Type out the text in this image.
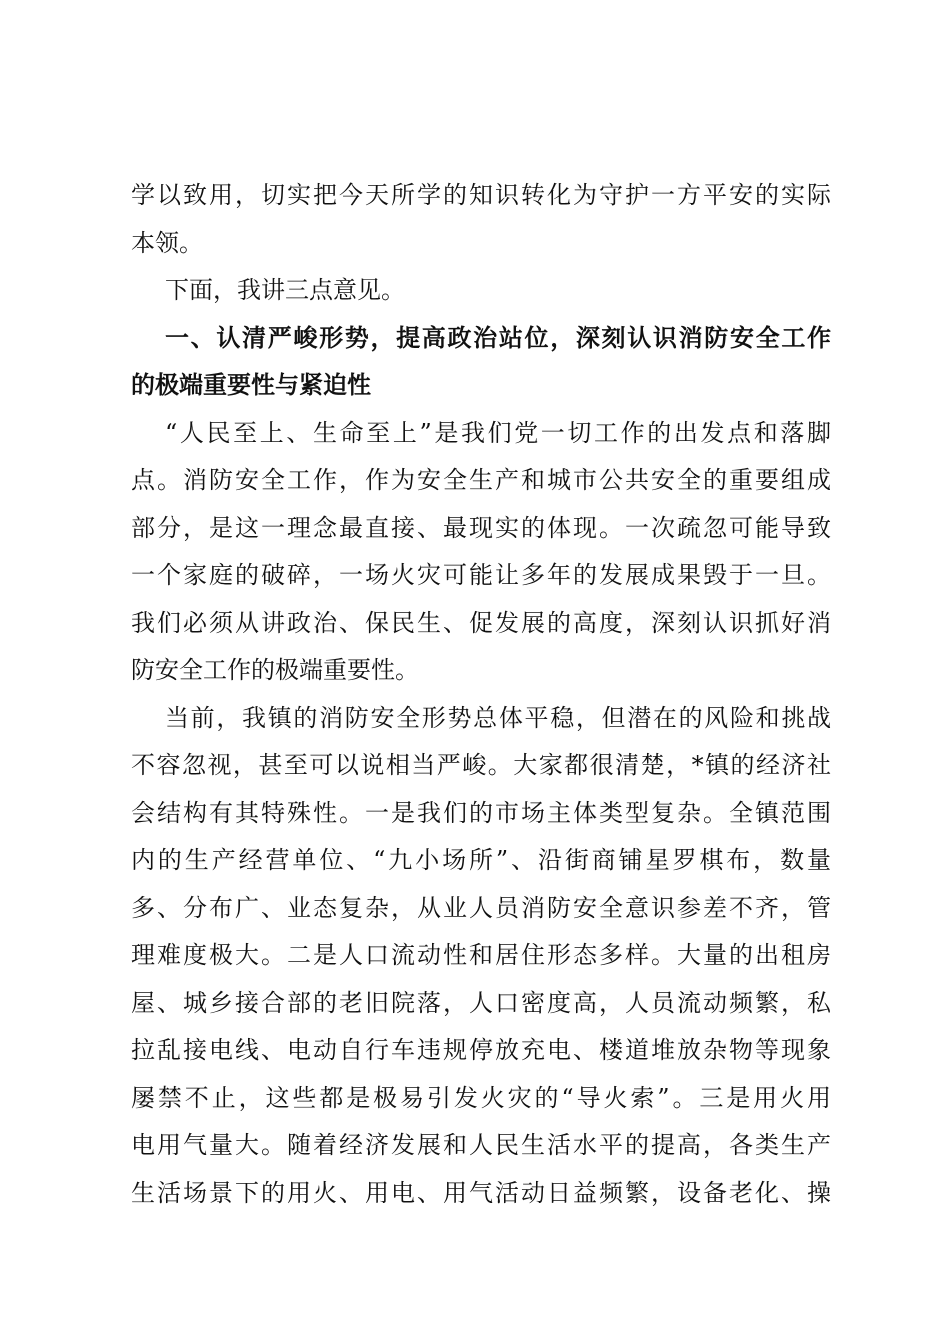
学以致用，切实把今天所学的知识转化为守护一方平安的实际
本领。
下面，我讲三点意见。
一、认清严峻形势，提高政治站位，深刻认识消防安全工作
的极端重要性与紧迫性
“人民至上、生命至上”是我们党一切工作的出发点和落脚
点。消防安全工作，作为安全生产和城市公共安全的重要组成
部分，是这一理念最直接、最现实的体现。一次疏忽可能导致
一个家庭的破碎，一场火灾可能让多年的发展成果毁于一旦。
我们必须从讲政治、保民生、促发展的高度，深刻认识抓好消
防安全工作的极端重要性。
当前，我镇的消防安全形势总体平稳，但潜在的风险和挑战
不容忽视，甚至可以说相当严峻。大家都很清楚，*镇的经济社
会结构有其特殊性。一是我们的市场主体类型复杂。全镇范围
内的生产经营单位、“九小场所”、沿街商铺星罗棋布，数量
多、分布广、业态复杂，从业人员消防安全意识参差不齐，管
理难度极大。二是人口流动性和居住形态多样。大量的出租房
屋、城乡接合部的老旧院落，人口密度高，人员流动频繁，私
拉乱接电线、电动自行车违规停放充电、楼道堆放杂物等现象
屡禁不止，这些都是极易引发火灾的“导火索”。三是用火用
电用气量大。随着经济发展和人民生活水平的提高，各类生产
生活场景下的用火、用电、用气活动日益频繁，设备老化、操
